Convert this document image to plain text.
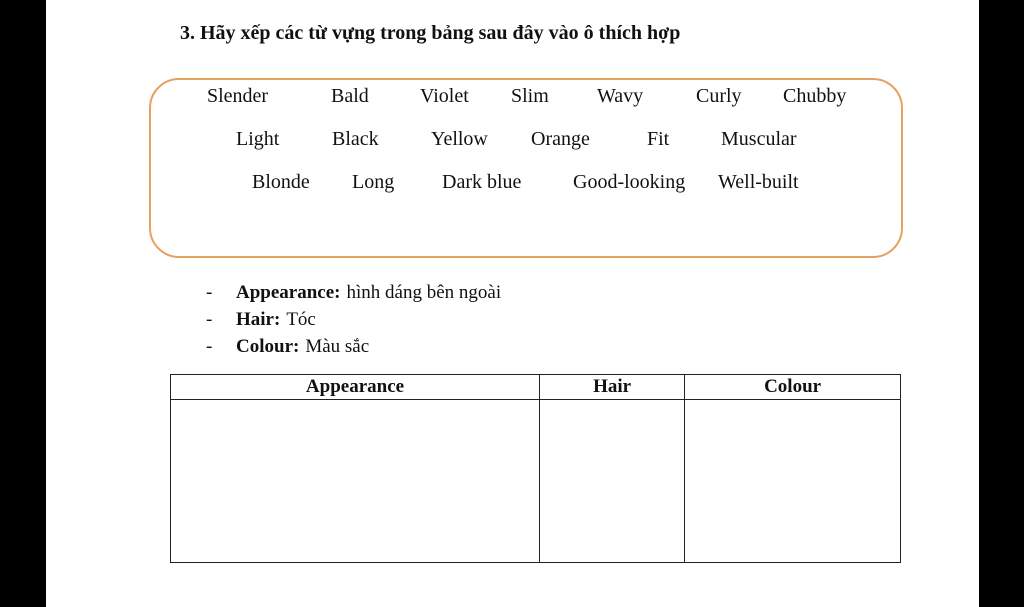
3. Hãy xếp các từ vựng trong bảng sau đây vào ô thích hợp
Slender	Bald	Violet Slim Wavy	Curly Chubby
Light	Black	Yellow Orange	Fit	Muscular
Blonde Long Dark blue	Good-looking Well-built
-	Appearance: hình dáng bên ngoài
-	Hair: Tóc
-	Colour: Màu sắc
Appearance	Hair	Colour
